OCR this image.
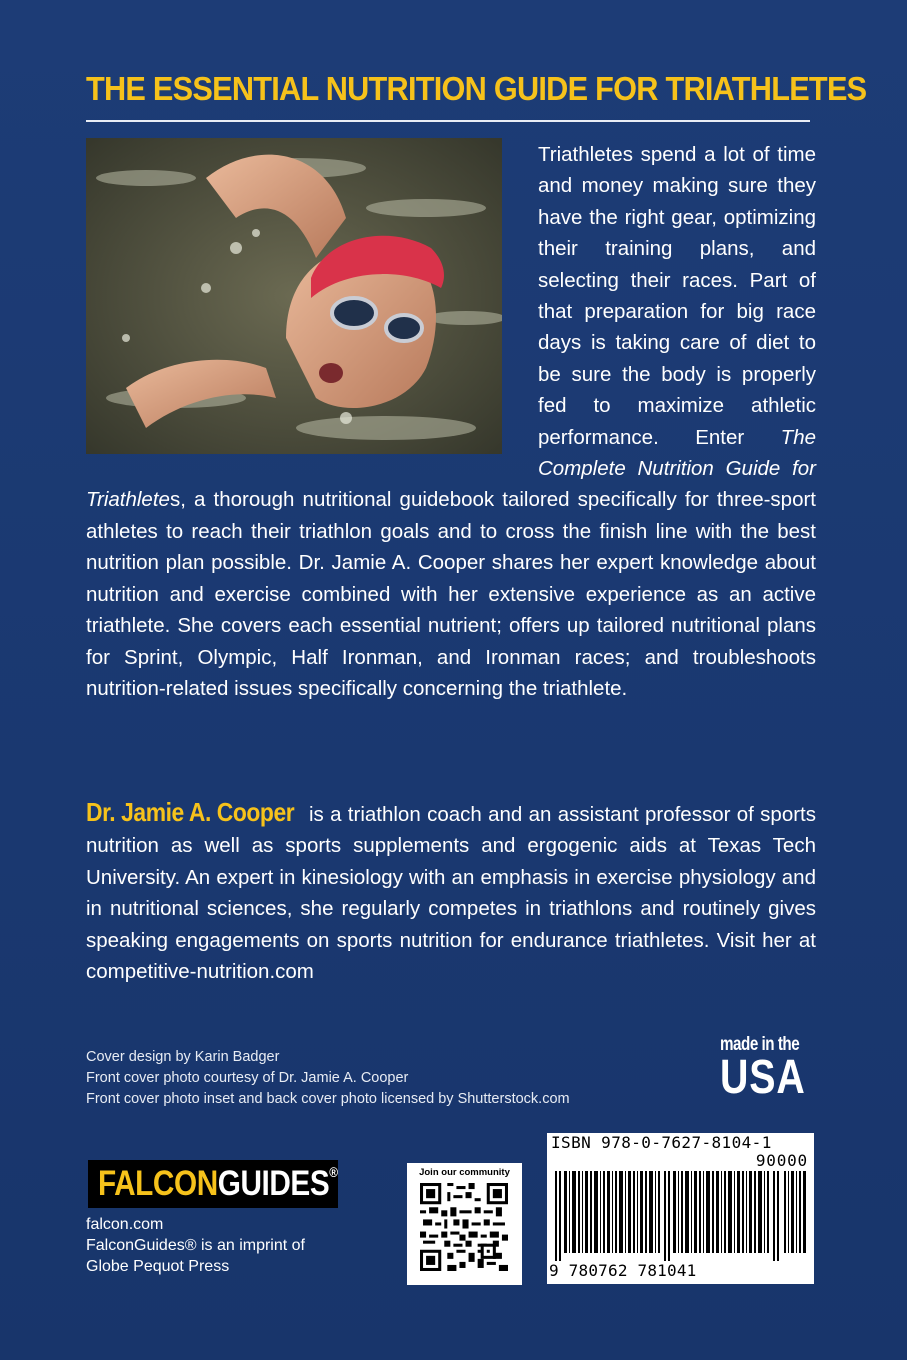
THE ESSENTIAL NUTRITION GUIDE FOR TRIATHLETES

Triathletes spend a lot of time and money making sure they have the right gear, optimizing their training plans, and selecting their races. Part of that preparation for big race days is taking care of diet to be sure the body is properly fed to maximize athletic performance. Enter The Complete Nutrition Guide for Triathletes, a thorough nutritional guidebook tailored specifically for three-sport athletes to reach their triathlon goals and to cross the finish line with the best nutrition plan possible. Dr. Jamie A. Cooper shares her expert knowledge about nutrition and exercise combined with her extensive experience as an active triathlete. She covers each essential nutrient; offers up tailored nutritional plans for Sprint, Olympic, Half Ironman, and Ironman races; and troubleshoots nutrition-related issues specifically concerning the triathlete.

Dr. Jamie A. Cooper is a triathlon coach and an assistant professor of sports nutrition as well as sports supplements and ergogenic aids at Texas Tech University. An expert in kinesiology with an emphasis in exercise physiology and in nutritional sciences, she regularly competes in triathlons and routinely gives speaking engagements on sports nutrition for endurance triathletes. Visit her at competitive-nutrition.com

Cover design by Karin Badger
Front cover photo courtesy of Dr. Jamie A. Cooper
Front cover photo inset and back cover photo licensed by Shutterstock.com
made in the
USA
FALCONGUIDES®
falcon.com
FalconGuides® is an imprint of
Globe Pequot Press
Join our community
ISBN 978-0-7627-8104-1
90000
9 780762 781041
